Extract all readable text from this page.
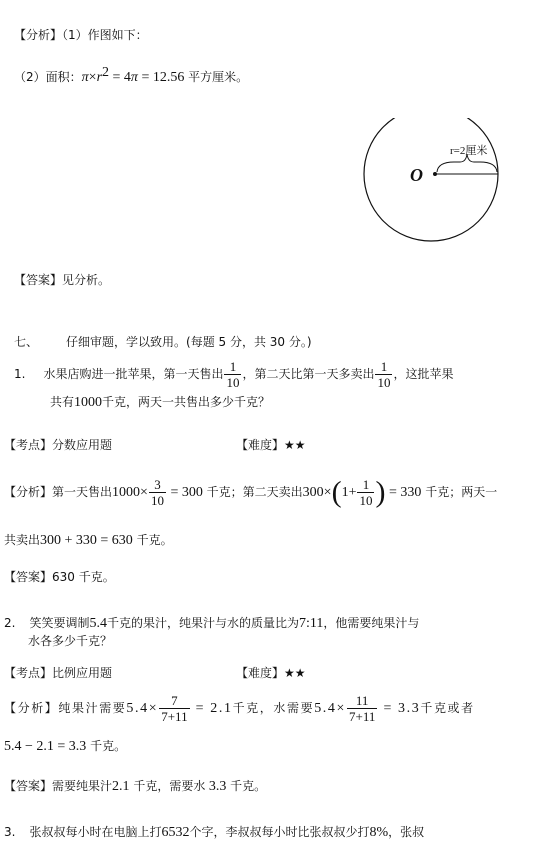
【分析】（1）作图如下：
（2）面积：$\pi\times r^2 = 4\pi = 12.56$ 平方厘米。
r=2厘米
O
【答案】见分析。
七、 仔细审题，学以致用。(每题 5 分，共 30 分。)
1. 水果店购进一批苹果，第一天售出 $\frac{1}{10}$ ，第二天比第一天多卖出 $\frac{1}{10}$ ，这批苹果
共有1000千克，两天一共售出多少千克？
【考点】分数应用题	【难度】★★
【分析】第一天售出$1000\times \frac{3}{10} = 300$ 千克；第二天卖出$300\times(1+ \frac{1}{10}$ ) = 330 千克；两天一
共卖出300 + 330 = 630 千克。
【答案】630 千克。
2. 笑笑要调制5.4千克的果汁，纯果汁与水的质量比为7:11，他需要纯果汁与
水各多少千克？
【考点】比例应用题	【难度】★★
【分析】纯果汁需要$5.4\times \frac{7}{7+11} = 2.1$千克，水需要$5.4\times \frac{11}{7+11} = 3.3$千克或者
5.4 − 2.1 = 3.3 千克。
【答案】需要纯果汁2.1 千克，需要水 3.3 千克。
3. 张叔叔每小时在电脑上打6532个字，李叔叔每小时比张叔叔少打8%，张叔
